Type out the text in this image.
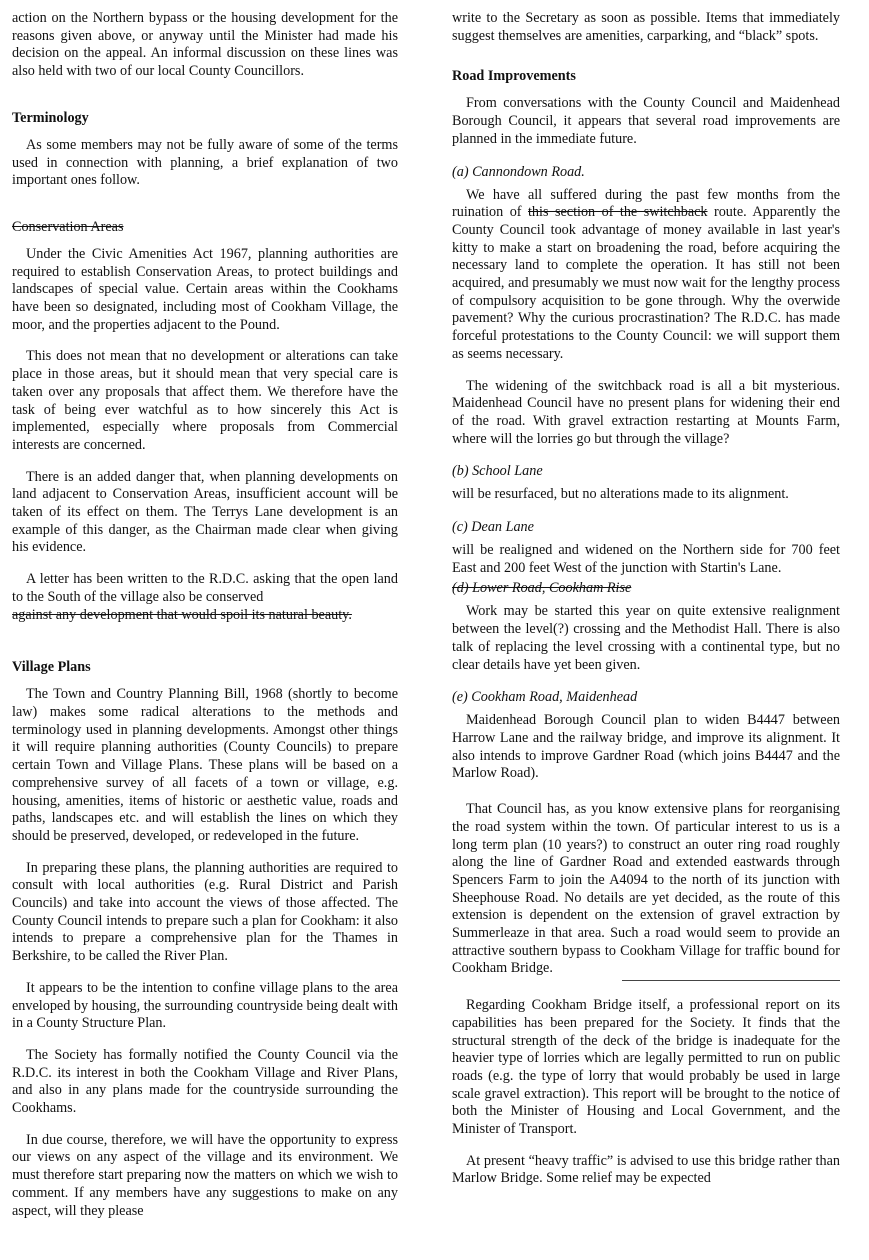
action on the Northern bypass or the housing development for the reasons given above, or anyway until the Minister had made his decision on the appeal. An informal discussion on these lines was also held with two of our local County Councillors.

Terminology

As some members may not be fully aware of some of the terms used in connection with planning, a brief explanation of two important ones follow.

Conservation Areas

Under the Civic Amenities Act 1967, planning authorities are required to establish Conservation Areas, to protect buildings and landscapes of special value. Certain areas within the Cookhams have been so designated, including most of Cookham Village, the moor, and the properties adjacent to the Pound.

This does not mean that no development or alterations can take place in those areas, but it should mean that very special care is taken over any proposals that affect them. We therefore have the task of being ever watchful as to how sincerely this Act is implemented, especially where proposals from Commercial interests are concerned.

There is an added danger that, when planning developments on land adjacent to Conservation Areas, insufficient account will be taken of its effect on them. The Terrys Lane development is an example of this danger, as the Chairman made clear when giving his evidence.

A letter has been written to the R.D.C. asking that the open land to the South of the village also be conserved

against any development that would spoil its natural beauty.

Village Plans

The Town and Country Planning Bill, 1968 (shortly to become law) makes some radical alterations to the methods and terminology used in planning developments. Amongst other things it will require planning authorities (County Councils) to prepare certain Town and Village Plans. These plans will be based on a comprehensive survey of all facets of a town or village, e.g. housing, amenities, items of historic or aesthetic value, roads and paths, landscapes etc. and will establish the lines on which they should be preserved, developed, or redeveloped in the future.

In preparing these plans, the planning authorities are required to consult with local authorities (e.g. Rural District and Parish Councils) and take into account the views of those affected. The County Council intends to prepare such a plan for Cookham: it also intends to prepare a comprehensive plan for the Thames in Berkshire, to be called the River Plan.

It appears to be the intention to confine village plans to the area enveloped by housing, the surrounding countryside being dealt with in a County Structure Plan.

The Society has formally notified the County Council via the R.D.C. its interest in both the Cookham Village and River Plans, and also in any plans made for the countryside surrounding the Cookhams.

In due course, therefore, we will have the opportunity to express our views on any aspect of the village and its environment. We must therefore start preparing now the matters on which we wish to comment. If any members have any suggestions to make on any aspect, will they please

write to the Secretary as soon as possible. Items that immediately suggest themselves are amenities, carparking, and “black” spots.

Road Improvements

From conversations with the County Council and Maidenhead Borough Council, it appears that several road improvements are planned in the immediate future.

(a) Cannondown Road.

We have all suffered during the past few months from the ruination of this section of the switchback route. Apparently the County Council took advantage of money available in last year's kitty to make a start on broadening the road, before acquiring the necessary land to complete the operation. It has still not been acquired, and presumably we must now wait for the lengthy process of compulsory acquisition to be gone through. Why the overwide pavement? Why the curious procrastination? The R.D.C. has made forceful protestations to the County Council: we will support them as seems necessary.

The widening of the switchback road is all a bit mysterious. Maidenhead Council have no present plans for widening their end of the road. With gravel extraction restarting at Mounts Farm, where will the lorries go but through the village?

(b) School Lane

will be resurfaced, but no alterations made to its alignment.

(c) Dean Lane

will be realigned and widened on the Northern side for 700 feet East and 200 feet West of the junction with Startin's Lane.

(d) Lower Road, Cookham Rise

Work may be started this year on quite extensive realignment between the level(?) crossing and the Methodist Hall. There is also talk of replacing the level crossing with a continental type, but no clear details have yet been given.

(e) Cookham Road, Maidenhead

Maidenhead Borough Council plan to widen B4447 between Harrow Lane and the railway bridge, and improve its alignment. It also intends to improve Gardner Road (which joins B4447 and the Marlow Road).

That Council has, as you know extensive plans for reorganising the road system within the town. Of particular interest to us is a long term plan (10 years?) to construct an outer ring road roughly along the line of Gardner Road and extended eastwards through Spencers Farm to join the A4094 to the north of its junction with Sheephouse Road. No details are yet decided, as the route of this extension is dependent on the extension of gravel extraction by Summerleaze in that area. Such a road would seem to provide an attractive southern bypass to Cookham Village for traffic bound for Cookham Bridge.

Regarding Cookham Bridge itself, a professional report on its capabilities has been prepared for the Society. It finds that the structural strength of the deck of the bridge is inadequate for the heavier type of lorries which are legally permitted to run on public roads (e.g. the type of lorry that would probably be used in large scale gravel extraction). This report will be brought to the notice of both the Minister of Housing and Local Government, and the Minister of Transport.

At present “heavy traffic” is advised to use this bridge rather than Marlow Bridge. Some relief may be expected
